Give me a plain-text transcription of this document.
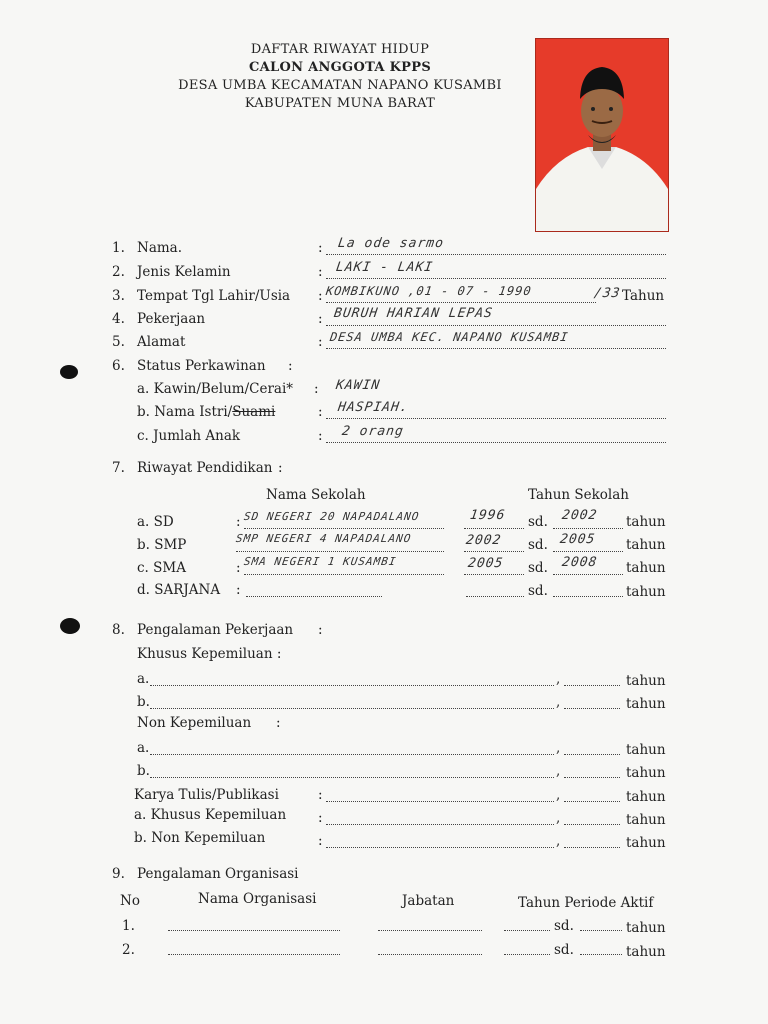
DAFTAR RIWAYAT HIDUP
CALON ANGGOTA KPPS
DESA UMBA KECAMATAN NAPANO KUSAMBI
KABUPATEN MUNA BARAT
1. Nama.	: La ode sarmo
2. Jenis Kelamin	: LAKI - LAKI
3. Tempat Tgl Lahir/Usia : KOMBIKUNO ,01 - 07 - 1990	/33 Tahun
4. Pekerjaan	: BURUH HARIAN LEPAS
5. Alamat	: DESA UMBA KEC. NAPANO KUSAMBI
6. Status Perkawinan :
a. Kawin/Belum/Cerai* : KAWIN
b. Nama Istri/Suami	: HASPIAH.
c. Jumlah Anak	: 2 orang
7. Riwayat Pendidikan :
Nama Sekolah	Tahun Sekolah
a. SD	: SD NEGERI 20 NAPADALANO	1996 sd. 2002 tahun
b. SMP	SMP NEGERI 4 NAPADALANO	2002 sd. 2005 tahun
c. SMA	: SMA NEGERI 1 KUSAMBI	2005 sd. 2008 tahun
d. SARJANA :	sd.	tahun
8. Pengalaman Pekerjaan :
Khusus Kepemiluan :
a.	,	tahun
b.	,	tahun
Non Kepemiluan :
a.	,	tahun
b.	,	tahun
Karya Tulis/Publikasi	:	,	tahun
a. Khusus Kepemiluan :	,	tahun
b. Non Kepemiluan	:	,	tahun
9. Pengalaman Organisasi
No	Nama Organisasi	Jabatan	Tahun Periode Aktif
1.	sd.	tahun
2.	sd.	tahun
